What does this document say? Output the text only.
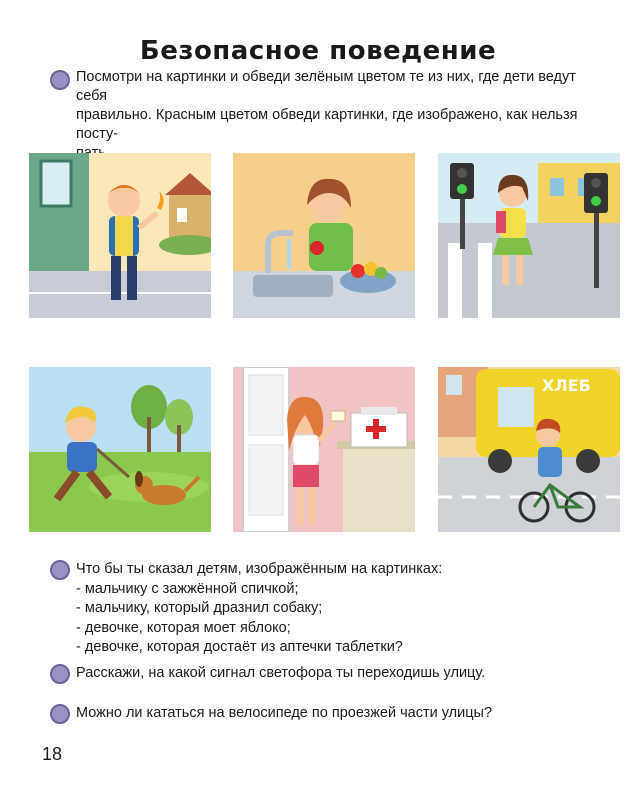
Безопасное поведение
Посмотри на картинки и обведи зелёным цветом те из них, где дети ведут себя
правильно. Красным цветом обведи картинки, где изображено, как нельзя посту-
ХЛЕБ
Что бы ты сказал детям, изображённым на картинках:
- мальчику с зажжённой спичкой;
- мальчику, который дразнил собаку;
- девочке, которая моет яблоко;
- девочке, которая достаёт из аптечки таблетки?
Расскажи, на какой сигнал светофора ты переходишь улицу.
Можно ли кататься на велосипеде по проезжей части улицы?
18
